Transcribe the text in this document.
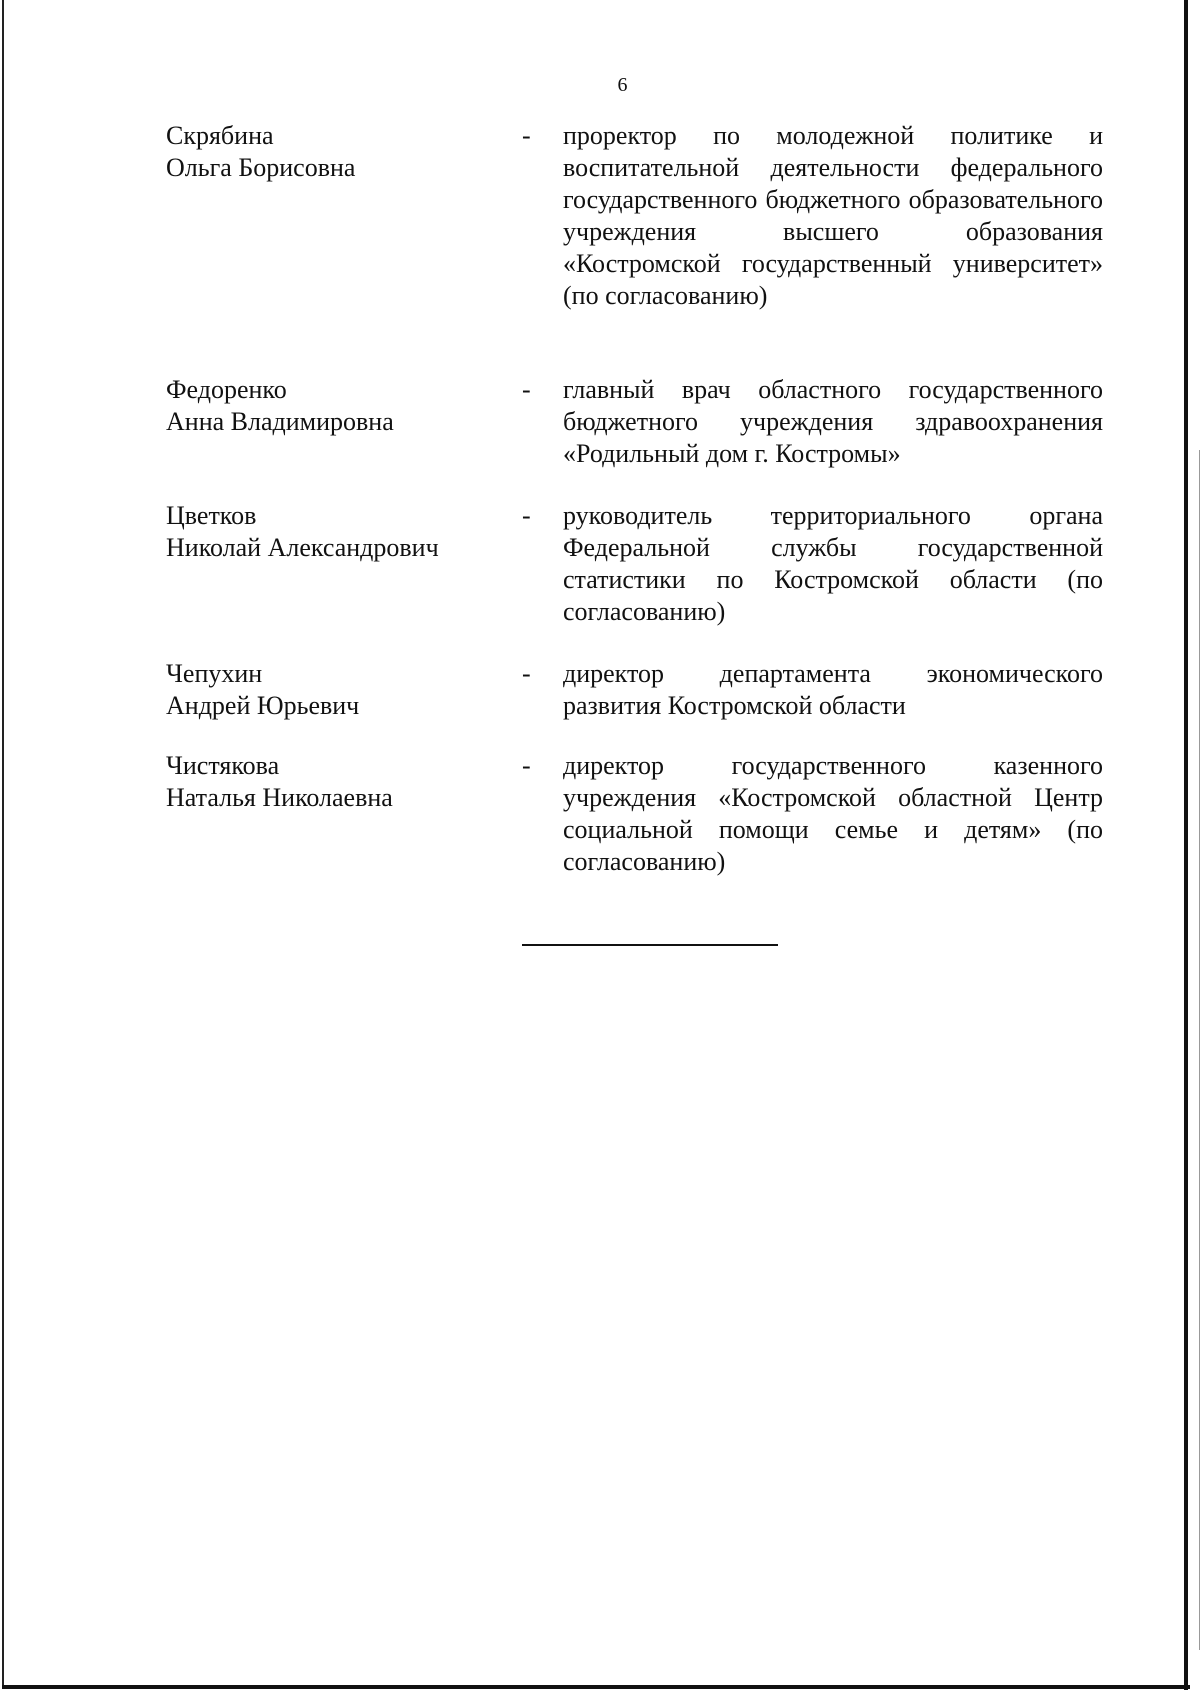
6
Скрябина
Ольга Борисовна
- проректор по молодежной политике и воспитательной деятельности федерального государственного бюджетного образовательного учреждения высшего образования «Костромской государственный университет» (по согласованию)
Федоренко
Анна Владимировна
- главный врач областного государственного бюджетного учреждения здравоохранения «Родильный дом г. Костромы»
Цветков
Николай Александрович
- руководитель территориального органа Федеральной службы государственной статистики по Костромской области (по согласованию)
Чепухин
Андрей Юрьевич
- директор департамента экономического развития Костромской области
Чистякова
Наталья Николаевна
- директор государственного казенного учреждения «Костромской областной Центр социальной помощи семье и детям» (по согласованию)
